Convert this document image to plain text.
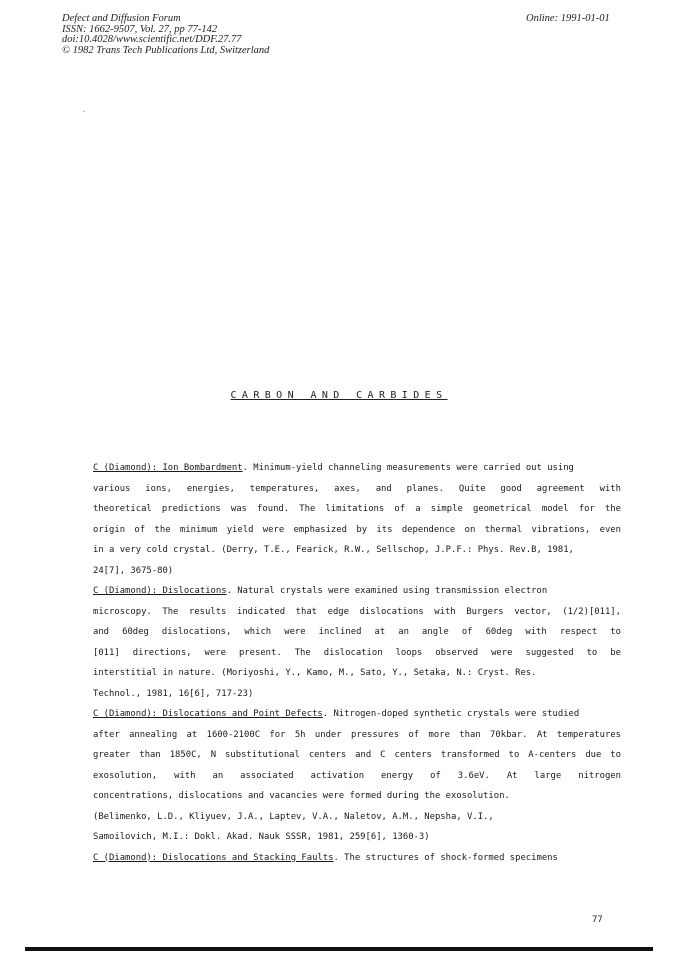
Defect and Diffusion Forum
ISSN: 1662-9507, Vol. 27, pp 77-142
doi:10.4028/www.scientific.net/DDF.27.77
© 1982 Trans Tech Publications Ltd, Switzerland
Online: 1991-01-01
CARBON AND CARBIDES
C (Diamond): Ion Bombardment. Minimum-yield channeling measurements were carried out using
various ions, energies, temperatures, axes, and planes. Quite good agreement with
theoretical predictions was found. The limitations of a simple geometrical model for the
origin of the minimum yield were emphasized by its dependence on thermal vibrations, even
in a very cold crystal. (Derry, T.E., Fearick, R.W., Sellschop, J.P.F.: Phys. Rev.B, 1981,
24[7], 3675-80)
C (Diamond): Dislocations. Natural crystals were examined using transmission electron
microscopy. The results indicated that edge dislocations with Burgers vector, (1/2)[011],
and 60deg dislocations, which were inclined at an angle of 60deg with respect to
[011] directions, were present. The dislocation loops observed were suggested to be
interstitial in nature. (Moriyoshi, Y., Kamo, M., Sato, Y., Setaka, N.: Cryst. Res.
Technol., 1981, 16[6], 717-23)
C (Diamond): Dislocations and Point Defects. Nitrogen-doped synthetic crystals were studied
after annealing at 1600-2100C for 5h under pressures of more than 70kbar. At temperatures
greater than 1850C, N substitutional centers and C centers transformed to A-centers due to
exosolution, with an associated activation energy of 3.6eV. At large nitrogen
concentrations, dislocations and vacancies were formed during the exosolution.
(Belimenko, L.D., Kliyuev, J.A., Laptev, V.A., Naletov, A.M., Nepsha, V.I.,
Samoilovich, M.I.: Dokl. Akad. Nauk SSSR, 1981, 259[6], 1360-3)
C (Diamond): Dislocations and Stacking Faults. The structures of shock-formed specimens
77
